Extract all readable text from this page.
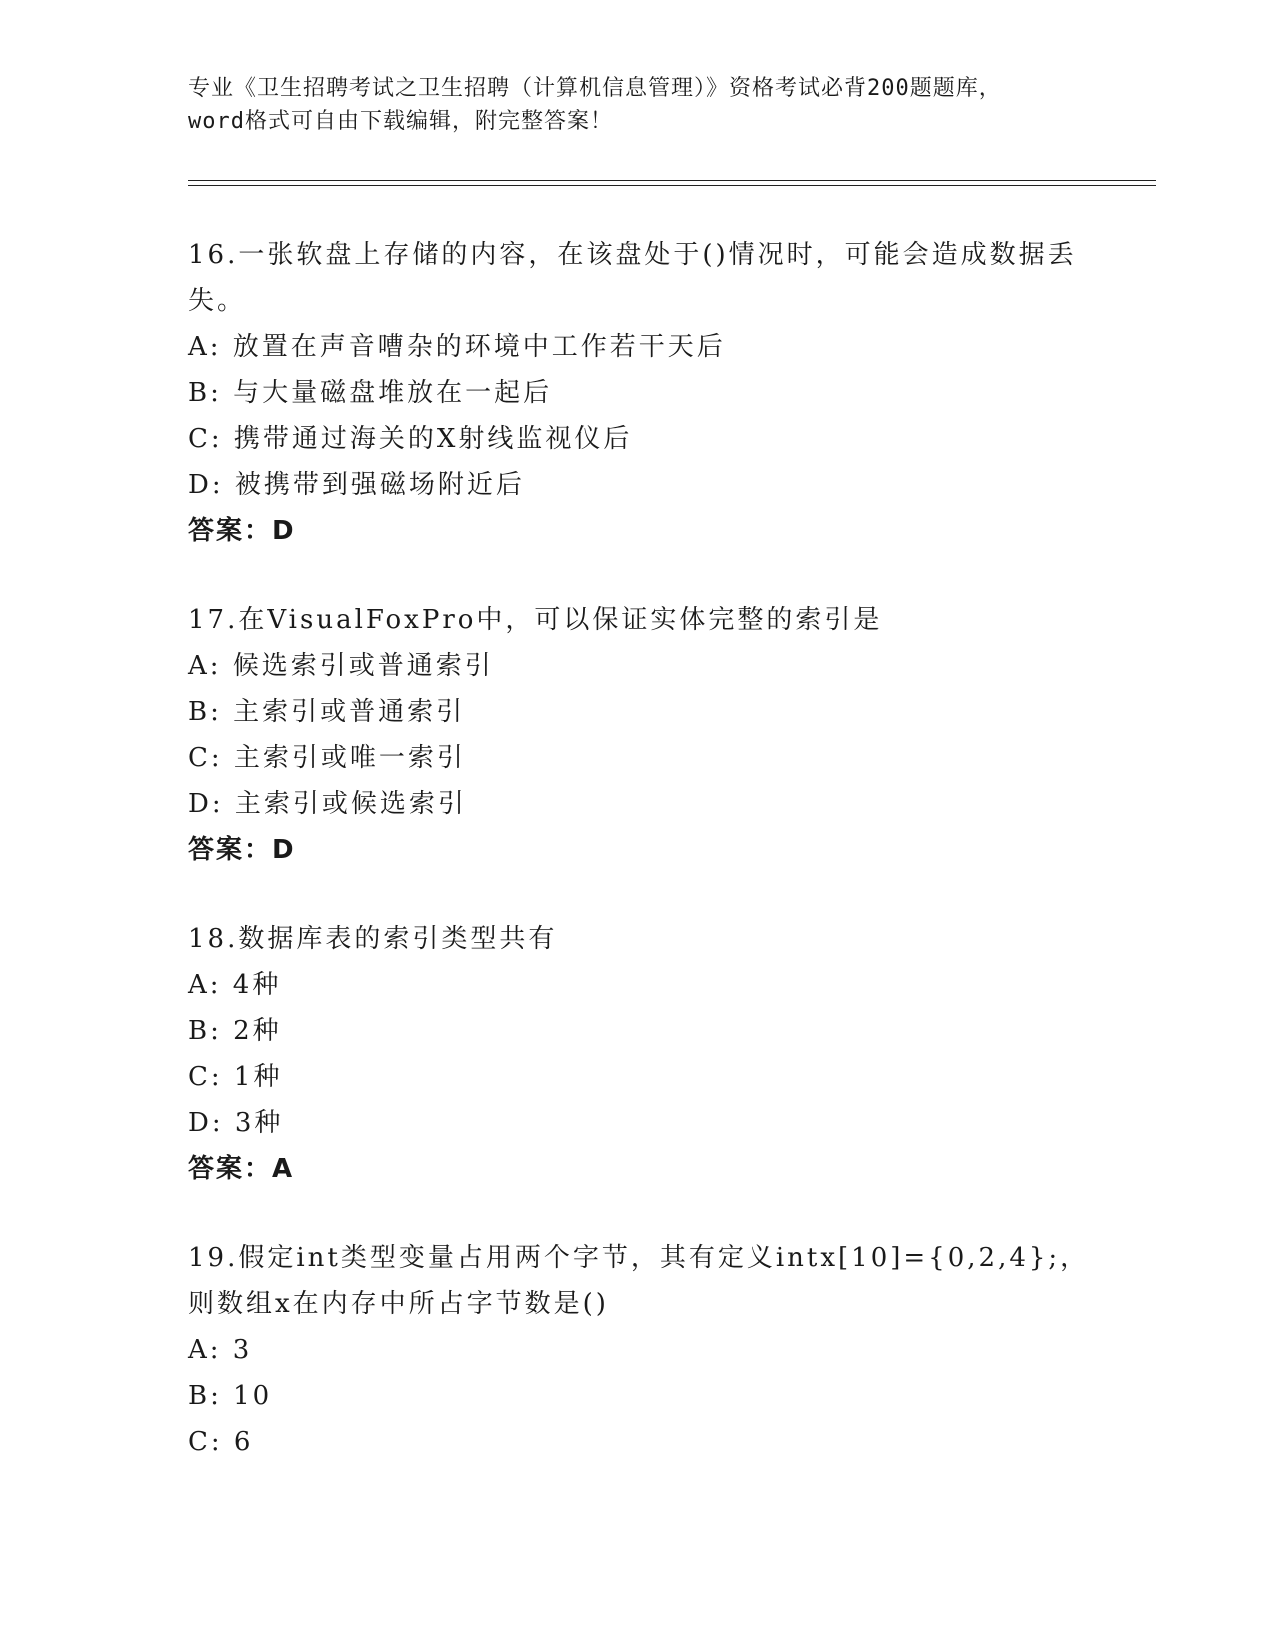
专业《卫生招聘考试之卫生招聘（计算机信息管理）》资格考试必背200题题库，
word格式可自由下载编辑，附完整答案！
16.一张软盘上存储的内容，在该盘处于()情况时，可能会造成数据丢
失。
A: 放置在声音嘈杂的环境中工作若干天后
B: 与大量磁盘堆放在一起后
C: 携带通过海关的X射线监视仪后
D: 被携带到强磁场附近后
答案：D
17.在VisualFoxPro中，可以保证实体完整的索引是
A: 候选索引或普通索引
B: 主索引或普通索引
C: 主索引或唯一索引
D: 主索引或候选索引
答案：D
18.数据库表的索引类型共有
A: 4种
B: 2种
C: 1种
D: 3种
答案：A
19.假定int类型变量占用两个字节，其有定义intx[10]={0,2,4};，
则数组x在内存中所占字节数是()
A: 3
B: 10
C: 6
